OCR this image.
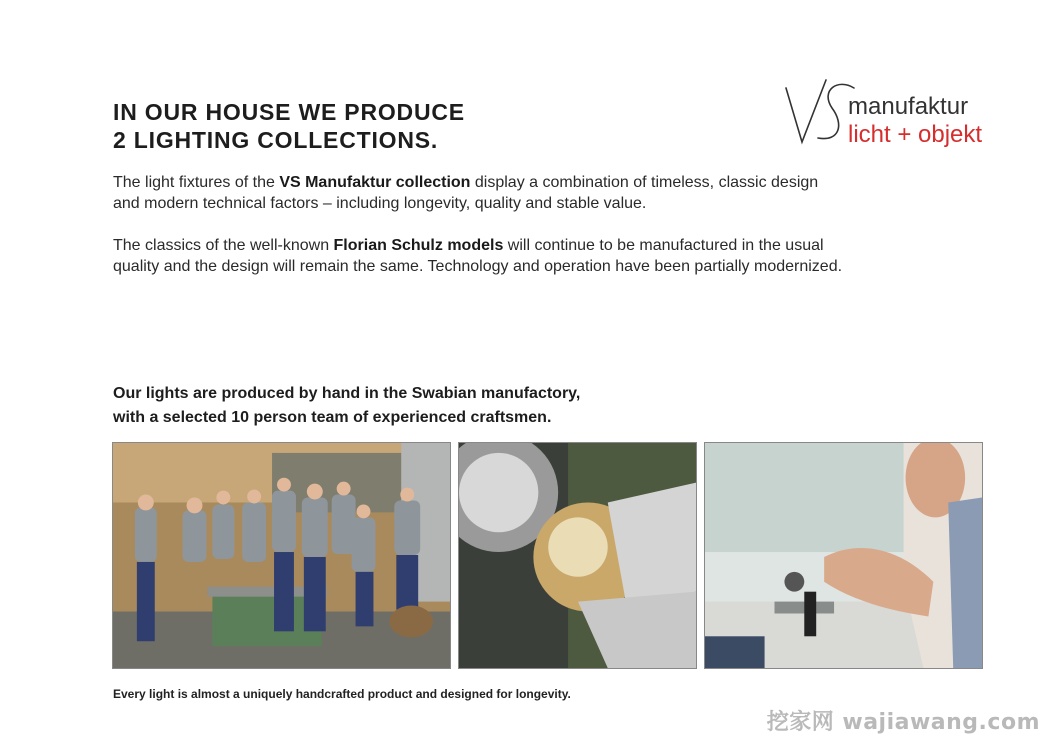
manufaktur
licht + objekt
IN OUR HOUSE WE PRODUCE
2 LIGHTING COLLECTIONS.

The light fixtures of the VS Manufaktur collection display a combination of timeless, classic design
and modern technical factors – including longevity, quality and stable value.

The classics of the well-known Florian Schulz models will continue to be manufactured in the usual
quality and the design will remain the same. Technology and operation have been partially modernized.

Our lights are produced by hand in the Swabian manufactory,
with a selected 10 person team of experienced craftsmen.

Every light is almost a uniquely handcrafted product and designed for longevity.

挖家网 wajiawang.com
